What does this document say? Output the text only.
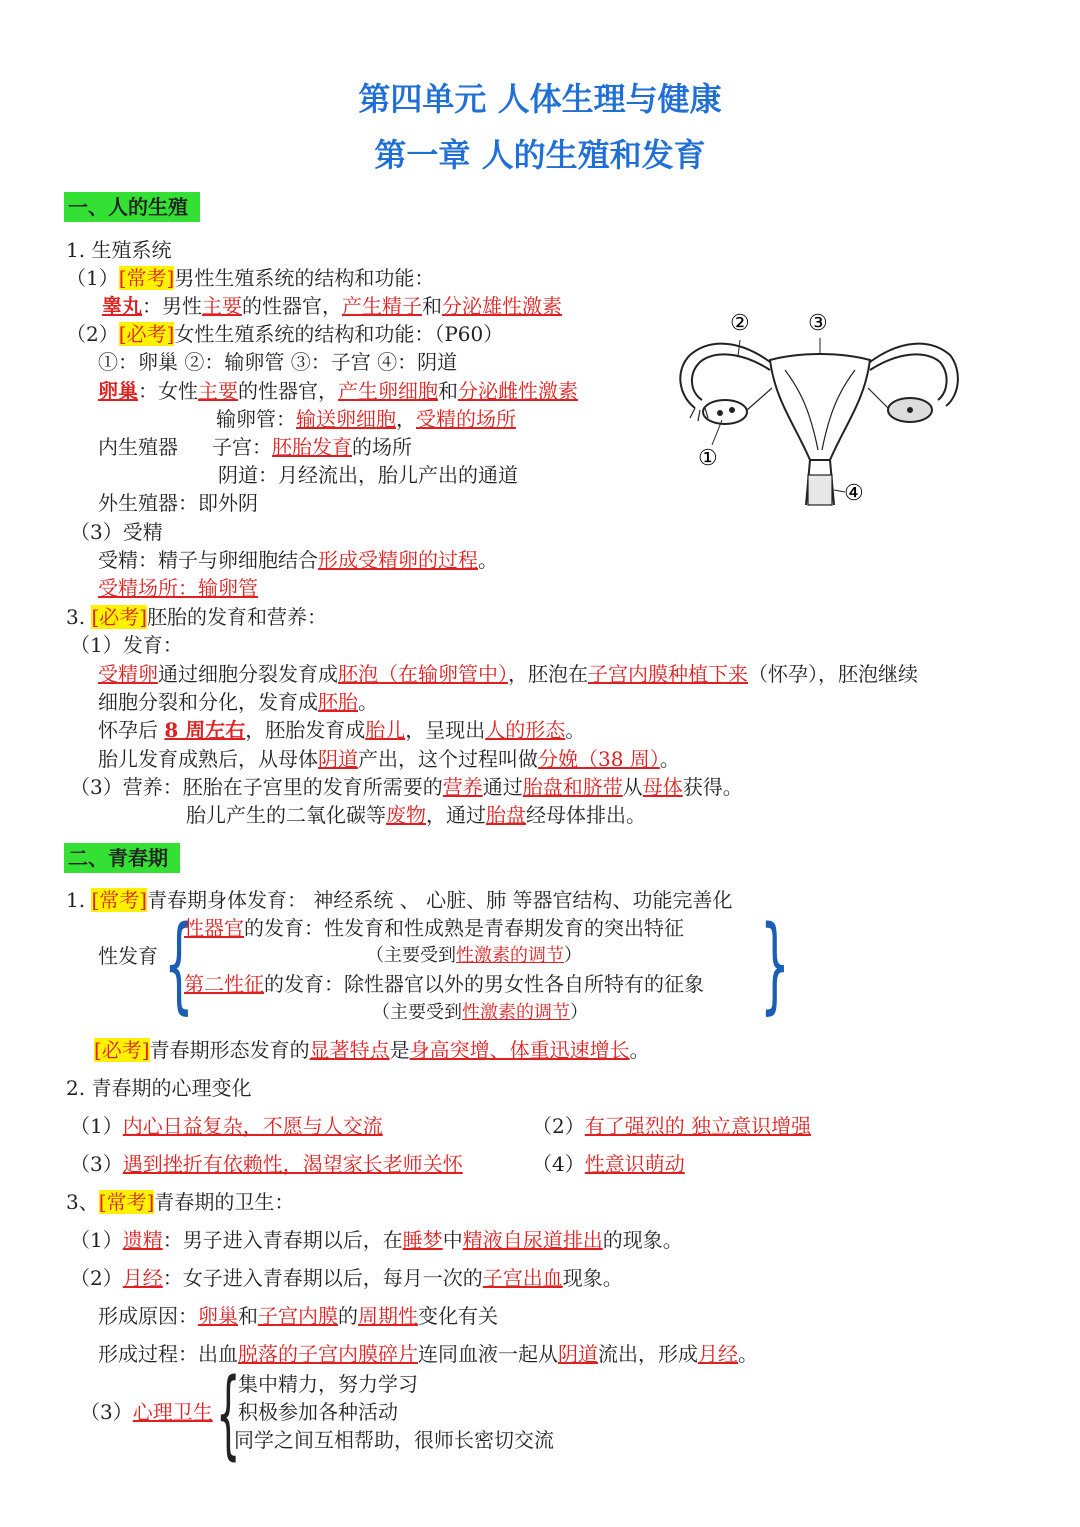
第四单元 人体生理与健康
第一章 人的生殖和发育
一、人的生殖
1. 生殖系统
（1）[常考]男性生殖系统的结构和功能：
睾丸：男性主要的性器官，产生精子和分泌雄性激素
（2）[必考]女性生殖系统的结构和功能：（P60）
①：卵巢 ②：输卵管 ③：子宫 ④：阴道
卵巢：女性主要的性器官，产生卵细胞和分泌雌性激素
输卵管：输送卵细胞，受精的场所
内生殖器 子宫：胚胎发育的场所
阴道：月经流出，胎儿产出的通道
外生殖器：即外阴
（3）受精
受精：精子与卵细胞结合形成受精卵的过程。
受精场所：输卵管
3. [必考]胚胎的发育和营养：
（1）发育：
受精卵通过细胞分裂发育成胚泡（在输卵管中），胚泡在子宫内膜种植下来（怀孕），胚泡继续
细胞分裂和分化，发育成胚胎。
怀孕后 8 周左右，胚胎发育成胎儿，呈现出人的形态。
胎儿发育成熟后，从母体阴道产出，这个过程叫做分娩（38 周）。
（3）营养：胚胎在子宫里的发育所需要的营养通过胎盘和脐带从母体获得。
胎儿产生的二氧化碳等废物，通过胎盘经母体排出。
②	③
①
④
二、青春期
1. [常考]青春期身体发育： 神经系统 、 心脏、肺 等器官结构、功能完善化
{	}
性器官的发育：性发育和性成熟是青春期发育的突出特征
（主要受到性激素的调节）
性发育
第二性征的发育：除性器官以外的男女性各自所特有的征象
（主要受到性激素的调节）
[必考]青春期形态发育的显著特点是身高突增、体重迅速增长。
2. 青春期的心理变化
（1）内心日益复杂，不愿与人交流	（2）有了强烈的 独立意识增强
（3）遇到挫折有依赖性，渴望家长老师关怀	（4）性意识萌动
3、[常考]青春期的卫生：
（1）遗精：男子进入青春期以后，在睡梦中精液自尿道排出的现象。
（2）月经：女子进入青春期以后，每月一次的子宫出血现象。
形成原因：卵巢和子宫内膜的周期性变化有关
形成过程：出血脱落的子宫内膜碎片连同血液一起从阴道流出，形成月经。
（3）心理卫生 {
集中精力，努力学习
积极参加各种活动
同学之间互相帮助，很师长密切交流
